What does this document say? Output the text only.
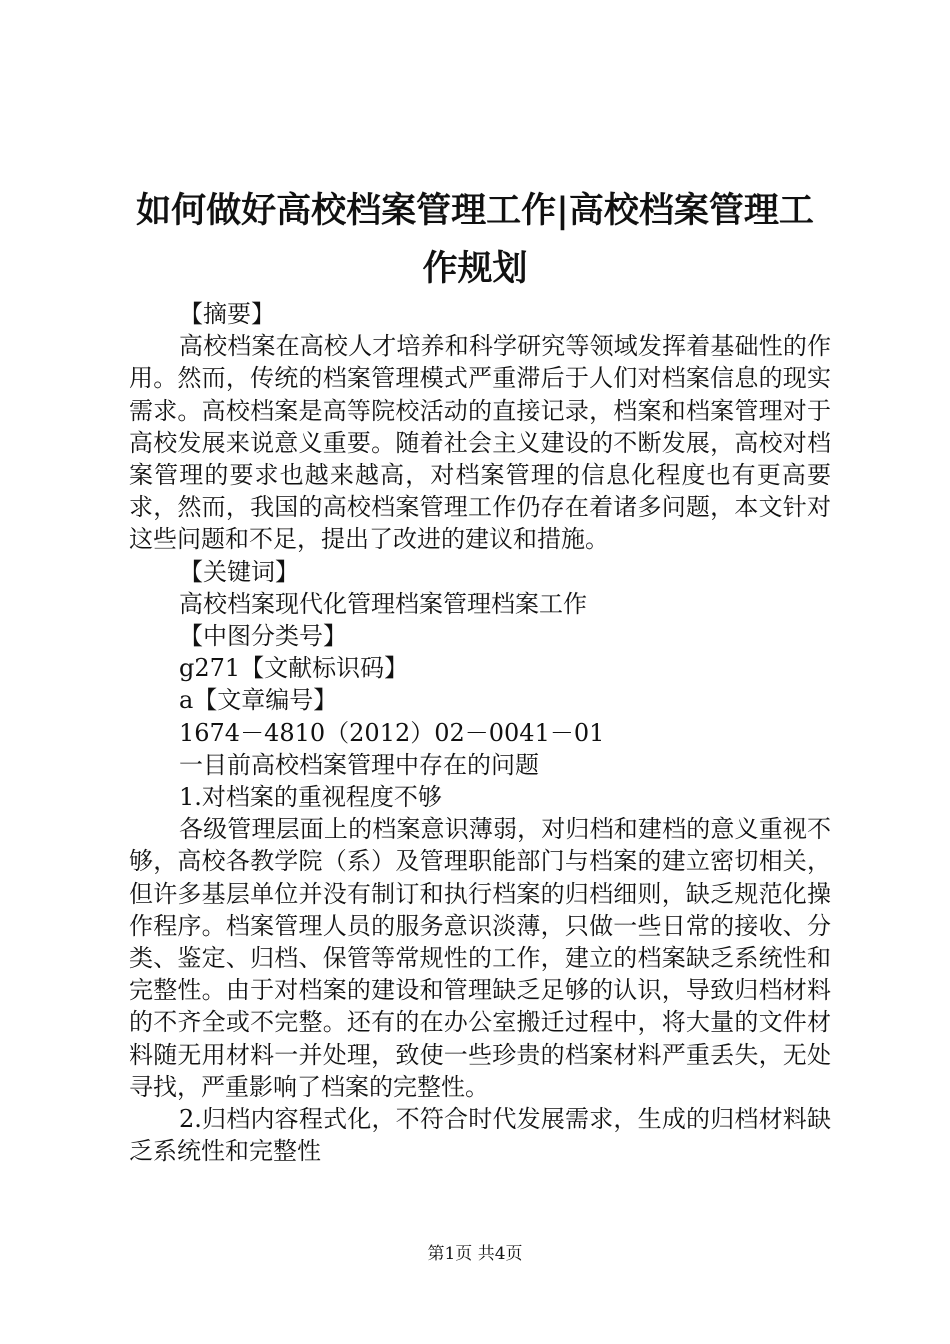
如何做好高校档案管理工作|高校档案管理工作规划

【摘要】

高校档案在高校人才培养和科学研究等领域发挥着基础性的作用。然而，传统的档案管理模式严重滞后于人们对档案信息的现实需求。高校档案是高等院校活动的直接记录，档案和档案管理对于高校发展来说意义重要。随着社会主义建设的不断发展，高校对档案管理的要求也越来越高，对档案管理的信息化程度也有更高要求，然而，我国的高校档案管理工作仍存在着诸多问题，本文针对这些问题和不足，提出了改进的建议和措施。

【关键词】

高校档案现代化管理档案管理档案工作

【中图分类号】

g271【文献标识码】

a【文章编号】

1674－4810（2012）02－0041－01

一目前高校档案管理中存在的问题

1.对档案的重视程度不够

各级管理层面上的档案意识薄弱，对归档和建档的意义重视不够，高校各教学院（系）及管理职能部门与档案的建立密切相关，但许多基层单位并没有制订和执行档案的归档细则，缺乏规范化操作程序。档案管理人员的服务意识淡薄，只做一些日常的接收、分类、鉴定、归档、保管等常规性的工作，建立的档案缺乏系统性和完整性。由于对档案的建设和管理缺乏足够的认识，导致归档材料的不齐全或不完整。还有的在办公室搬迁过程中，将大量的文件材料随无用材料一并处理，致使一些珍贵的档案材料严重丢失，无处寻找，严重影响了档案的完整性。

2.归档内容程式化，不符合时代发展需求，生成的归档材料缺乏系统性和完整性

第1页 共4页
